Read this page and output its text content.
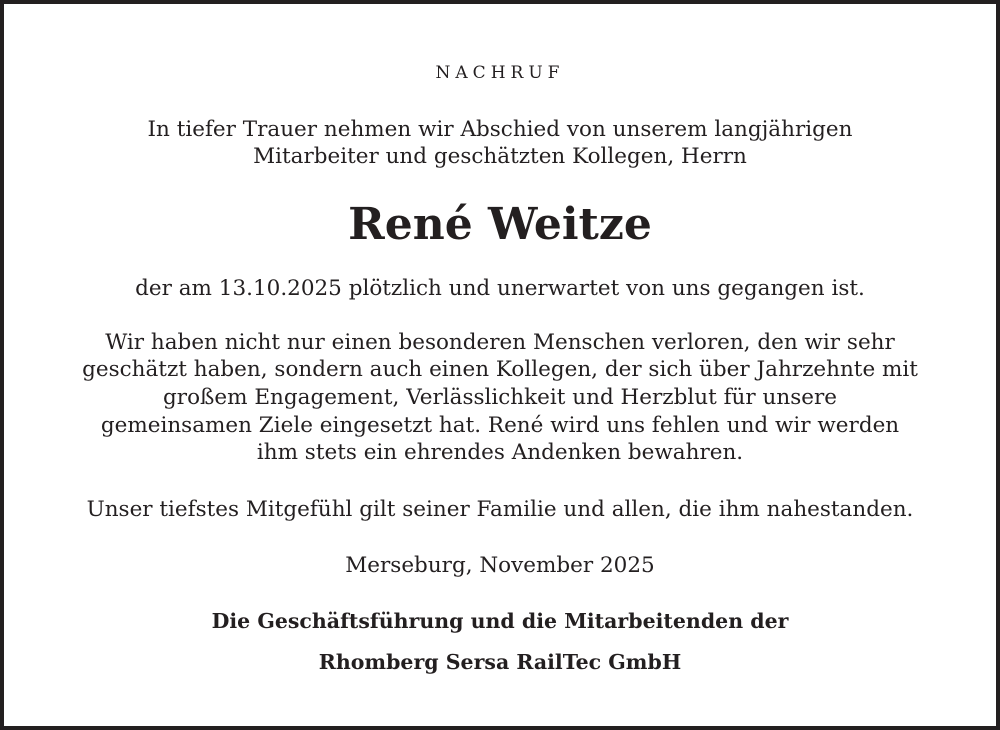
NACHRUF
In tiefer Trauer nehmen wir Abschied von unserem langjährigen
Mitarbeiter und geschätzten Kollegen, Herrn
René Weitze
der am 13.10.2025 plötzlich und unerwartet von uns gegangen ist.
Wir haben nicht nur einen besonderen Menschen verloren, den wir sehr
geschätzt haben, sondern auch einen Kollegen, der sich über Jahrzehnte mit
großem Engagement, Verlässlichkeit und Herzblut für unsere
gemeinsamen Ziele eingesetzt hat. René wird uns fehlen und wir werden
ihm stets ein ehrendes Andenken bewahren.
Unser tiefstes Mitgefühl gilt seiner Familie und allen, die ihm nahestanden.
Merseburg, November 2025
Die Geschäftsführung und die Mitarbeitenden der
Rhomberg Sersa RailTec GmbH
